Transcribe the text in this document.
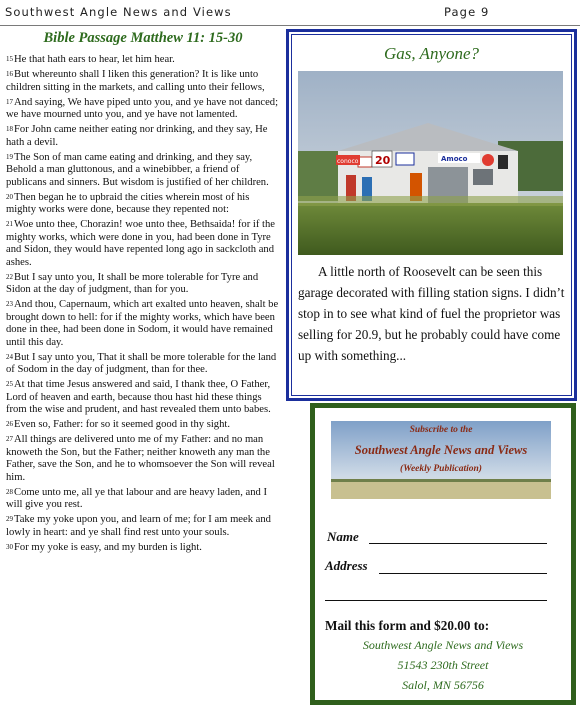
Southwest Angle News and Views	Page 9
Bible Passage Matthew 11: 15-30
$^{15}$He that hath ears to hear, let him hear.
$^{16}$But whereunto shall I liken this generation? It is like unto children sitting in the markets, and calling unto their fellows,
$^{17}$And saying, We have piped unto you, and ye have not danced; we have mourned unto you, and ye have not lamented.
$^{18}$For John came neither eating nor drinking, and they say, He hath a devil.
$^{19}$The Son of man came eating and drinking, and they say, Behold a man gluttonous, and a winebibber, a friend of publicans and sinners. But wisdom is justified of her children.
$^{20}$Then began he to upbraid the cities wherein most of his mighty works were done, because they repented not:
$^{21}$Woe unto thee, Chorazin! woe unto thee, Bethsaida! for if the mighty works, which were done in you, had been done in Tyre and Sidon, they would have repented long ago in sackcloth and ashes.
$^{22}$But I say unto you, It shall be more tolerable for Tyre and Sidon at the day of judgment, than for you.
$^{23}$And thou, Capernaum, which art exalted unto heaven, shalt be brought down to hell: for if the mighty works, which have been done in thee, had been done in Sodom, it would have remained until this day.
$^{24}$But I say unto you, That it shall be more tolerable for the land of Sodom in the day of judgment, than for thee.
$^{25}$At that time Jesus answered and said, I thank thee, O Father, Lord of heaven and earth, because thou hast hid these things from the wise and prudent, and hast revealed them unto babes.
$^{26}$Even so, Father: for so it seemed good in thy sight.
$^{27}$All things are delivered unto me of my Father: and no man knoweth the Son, but the Father; neither knoweth any man the Father, save the Son, and he to whomsoever the Son will reveal him.
$^{28}$Come unto me, all ye that labour and are heavy laden, and I will give you rest.
$^{29}$Take my yoke upon you, and learn of me; for I am meek and lowly in heart: and ye shall find rest unto your souls.
$^{30}$For my yoke is easy, and my burden is light.
Gas, Anyone?
conoco 20	Amoco
A little north of Roosevelt can be seen this garage decorated with filling station signs. I didn’t stop in to see what kind of fuel the proprietor was selling for 20.9, but he probably could have come up with something...
Subscribe to the
Southwest Angle News and Views
(Weekly Publication)
Name
Address
Mail this form and $20.00 to:
Southwest Angle News and Views
51543 230th Street
Salol, MN 56756
